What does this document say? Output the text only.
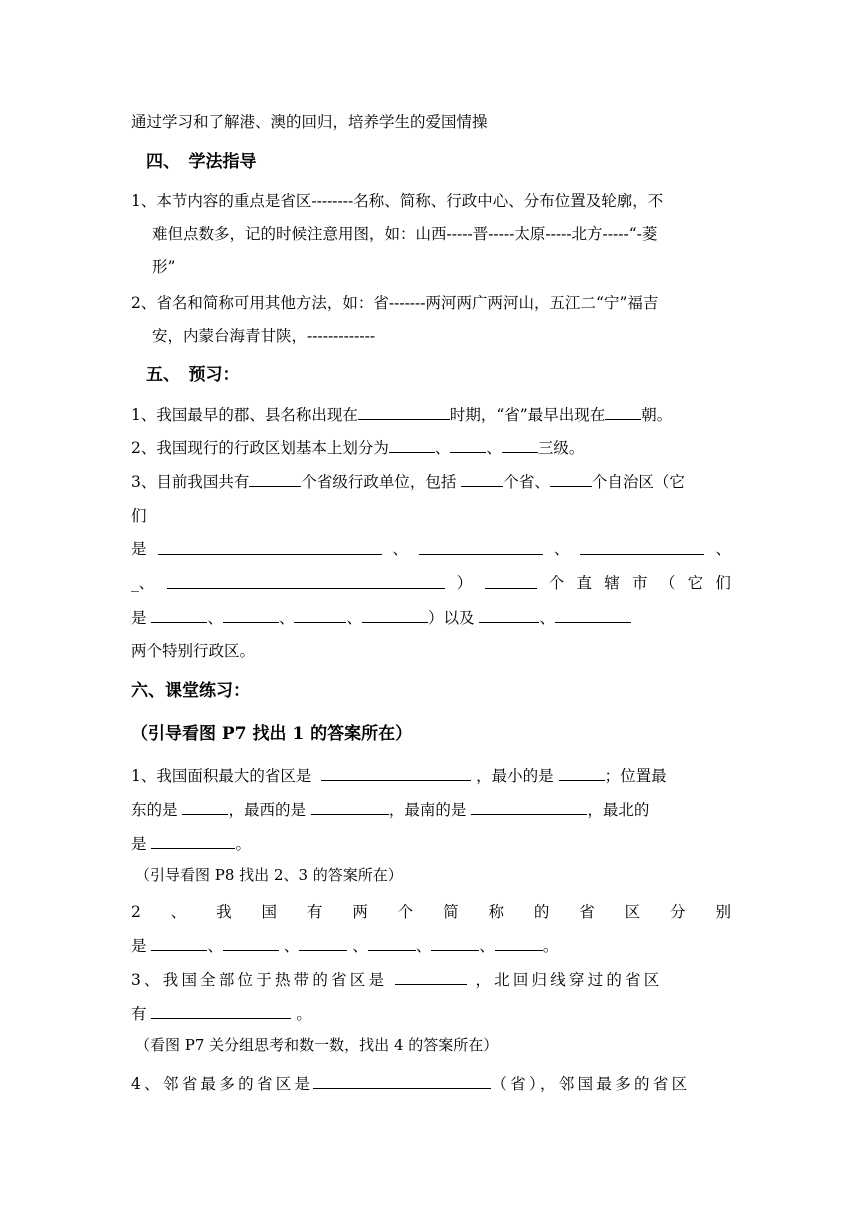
通过学习和了解港、澳的回归，培养学生的爱国情操
四、　学法指导
1、本节内容的重点是省区--------名称、简称、行政中心、分布位置及轮廓，不
难但点数多，记的时候注意用图，如：山西-----晋-----太原-----北方-----“-菱
形”
2、省名和简称可用其他方法，如：省-------两河两广两河山，五江二“宁”福吉
安，内蒙台海青甘陕，-------------
五、　预习：
1、我国最早的郡、县名称出现在	时期，“省”最早出现在 朝。
2、我国现行的行政区划基本上划分为	、 、 三级。
3、目前我国共有	个省级行政单位，包括	个省、	个自治区（它
们
是	、	、	、
_、	）	个 直 辖 市 （ 它 们
是	、	、	、	）以及	、
两个特别行政区。
六、课堂练习：
（引导看图 P7 找出 1 的答案所在）
1、我国面积最大的省区是	，最小的是	；位置最
东的是	，最西的是	，最南的是	，最北的
是	。
（引导看图 P8 找出 2、3 的答案所在）
2 、 我 国 有 两 个 简 称 的 省 区 分 别
是	、	、	、	、	、	。
3、我国全部位于热带的省区是	，北回归线穿过的省区
有	。
（看图 P7 关分组思考和数一数，找出 4 的答案所在）
4、邻省最多的省区是	（省），邻国最多的省区
